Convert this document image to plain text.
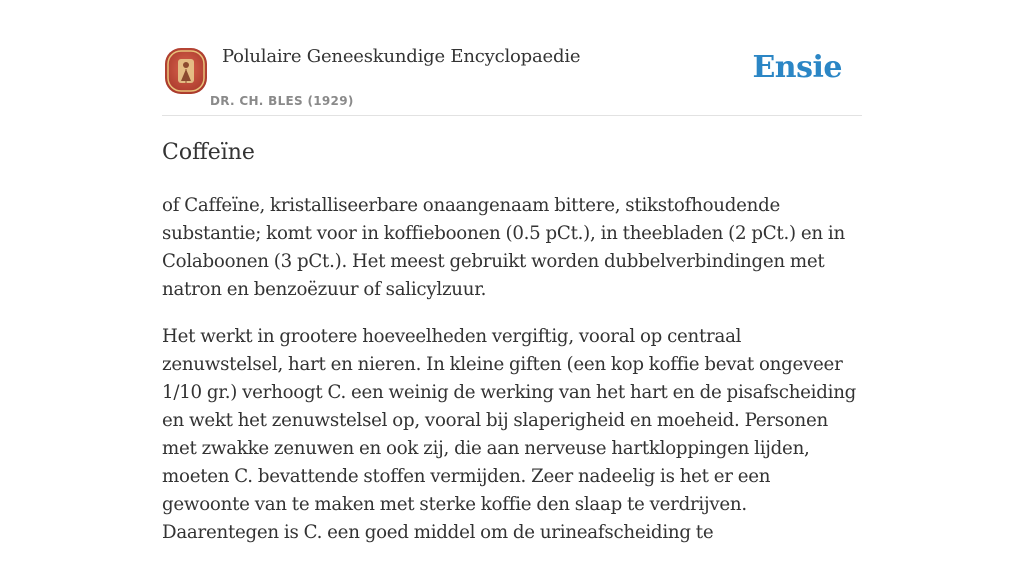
Polulaire Geneeskundige Encyclopaedie
DR. CH. BLES (1929)
Ensie
Coffeïne

of Caffeïne, kristalliseerbare onaangenaam bittere, stikstofhoudende substantie; komt voor in koffieboonen (0.5 pCt.), in theebladen (2 pCt.) en in Colaboonen (3 pCt.). Het meest gebruikt worden dubbelverbindingen met natron en benzoëzuur of salicylzuur.

Het werkt in grootere hoeveelheden vergiftig, vooral op centraal zenuwstelsel, hart en nieren. In kleine giften (een kop koffie bevat ongeveer 1/10 gr.) verhoogt C. een weinig de werking van het hart en de pisafscheiding en wekt het zenuwstelsel op, vooral bij slaperigheid en moeheid. Personen met zwakke zenuwen en ook zij, die aan nerveuse hartkloppingen lijden, moeten C. bevattende stoffen vermijden. Zeer nadeelig is het er een gewoonte van te maken met sterke koffie den slaap te verdrijven. Daarentegen is C. een goed middel om de urineafscheiding te
